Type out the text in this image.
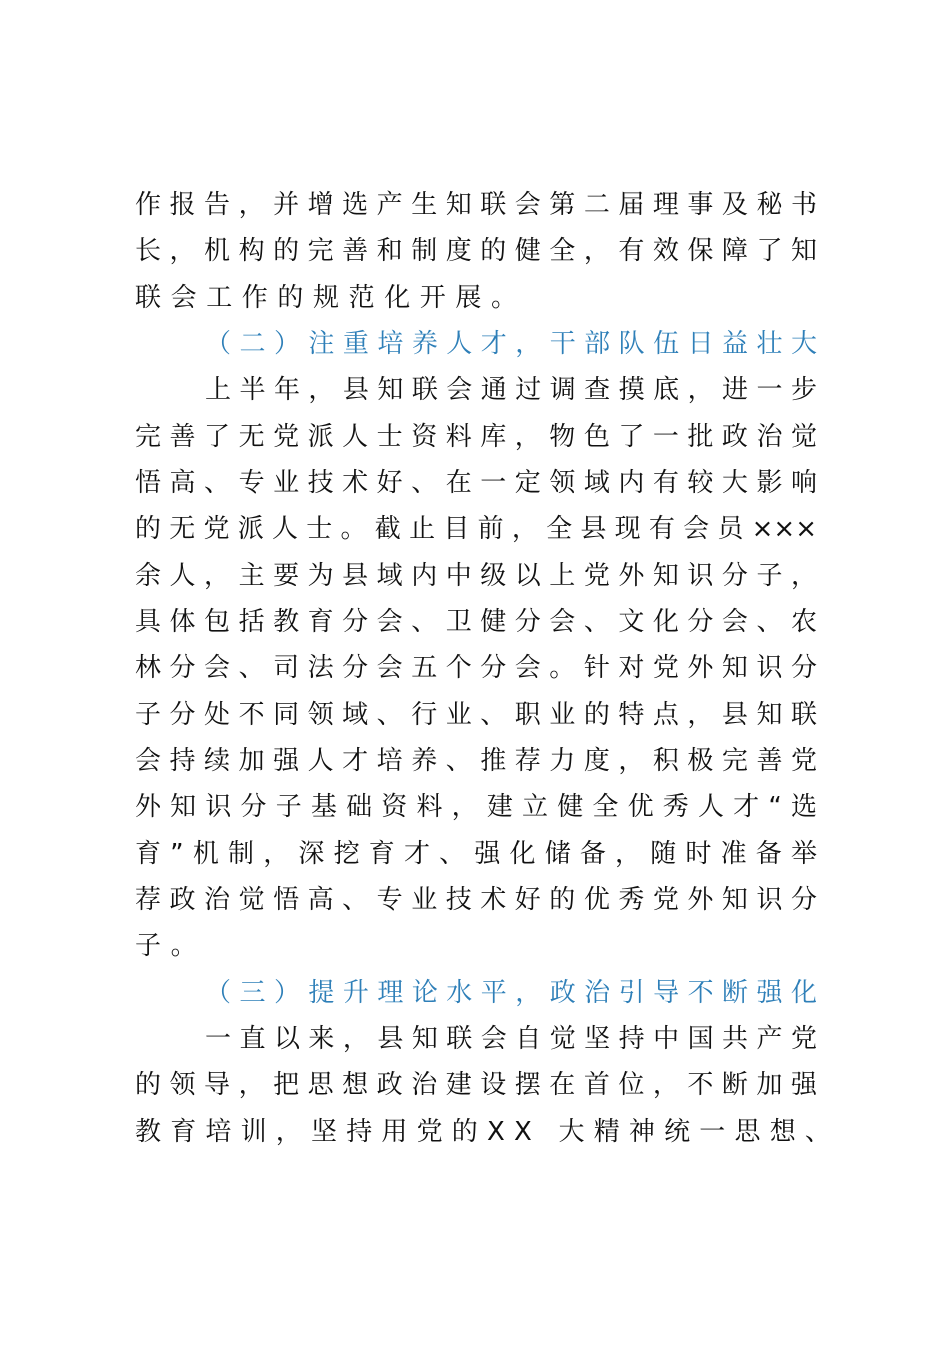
作报告，并增选产生知联会第二届理事及秘书
长，机构的完善和制度的健全，有效保障了知
联会工作的规范化开展。
（二）注重培养人才，干部队伍日益壮大
上半年，县知联会通过调查摸底，进一步
完善了无党派人士资料库，物色了一批政治觉
悟高、专业技术好、在一定领域内有较大影响
的无党派人士。截止目前，全县现有会员×××
余人，主要为县域内中级以上党外知识分子，
具体包括教育分会、卫健分会、文化分会、农
林分会、司法分会五个分会。针对党外知识分
子分处不同领域、行业、职业的特点，县知联
会持续加强人才培养、推荐力度，积极完善党
外知识分子基础资料，建立健全优秀人才“选
育”机制，深挖育才、强化储备，随时准备举
荐政治觉悟高、专业技术好的优秀党外知识分
子。
（三）提升理论水平，政治引导不断强化
一直以来，县知联会自觉坚持中国共产党
的领导，把思想政治建设摆在首位，不断加强
教育培训，坚持用党的XX 大精神统一思想、
